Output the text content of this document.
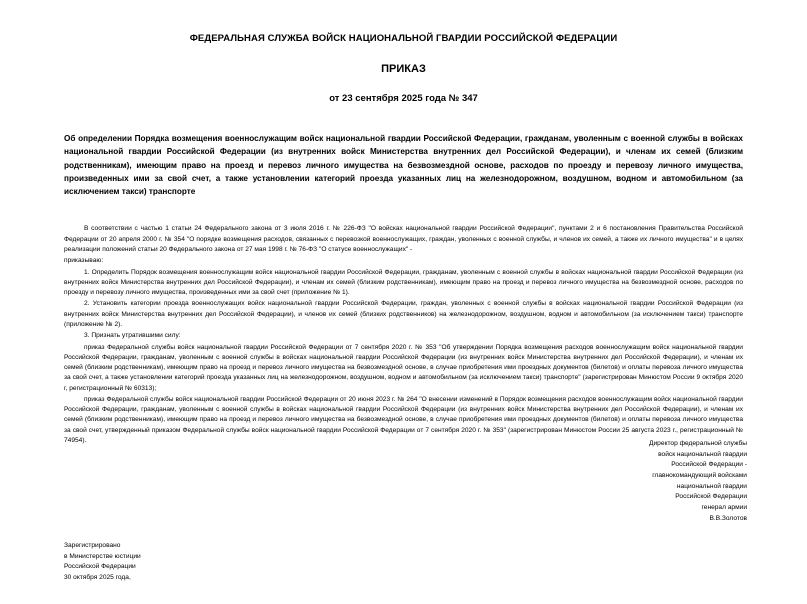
ФЕДЕРАЛЬНАЯ СЛУЖБА ВОЙСК НАЦИОНАЛЬНОЙ ГВАРДИИ РОССИЙСКОЙ ФЕДЕРАЦИИ
ПРИКАЗ
от 23 сентября 2025 года № 347
Об определении Порядка возмещения военнослужащим войск национальной гвардии Российской Федерации, гражданам, уволенным с военной службы в войсках национальной гвардии Российской Федерации (из внутренних войск Министерства внутренних дел Российской Федерации), и членам их семей (близким родственникам), имеющим право на проезд и перевоз личного имущества на безвозмездной основе, расходов по проезду и перевозу личного имущества, произведенных ими за свой счет, а также установлении категорий проезда указанных лиц на железнодорожном, воздушном, водном и автомобильном (за исключением такси) транспорте

В соответствии с частью 1 статьи 24 Федерального закона от 3 июля 2016 г. № 226-ФЗ "О войсках национальной гвардии Российской Федерации", пунктами 2 и 6 постановления Правительства Российской Федерации от 20 апреля 2000 г. № 354 "О порядке возмещения расходов, связанных с перевозкой военнослужащих, граждан, уволенных с военной службы, и членов их семей, а также их личного имущества" и в целях реализации положений статьи 20 Федерального закона от 27 мая 1998 г. № 76-ФЗ "О статусе военнослужащих" -

приказываю:

1. Определить Порядок возмещения военнослужащим войск национальной гвардии Российской Федерации, гражданам, уволенным с военной службы в войсках национальной гвардии Российской Федерации (из внутренних войск Министерства внутренних дел Российской Федерации), и членам их семей (близким родственникам), имеющим право на проезд и перевоз личного имущества на безвозмездной основе, расходов по проезду и перевозу личного имущества, произведенных ими за свой счет (приложение № 1).

2. Установить категории проезда военнослужащих войск национальной гвардии Российской Федерации, граждан, уволенных с военной службы в войсках национальной гвардии Российской Федерации (из внутренних войск Министерства внутренних дел Российской Федерации), и членов их семей (близких родственников) на железнодорожном, воздушном, водном и автомобильном (за исключением такси) транспорте (приложение № 2).

3. Признать утратившими силу:

приказ Федеральной службы войск национальной гвардии Российской Федерации от 7 сентября 2020 г. № 353 "Об утверждении Порядка возмещения расходов военнослужащим войск национальной гвардии Российской Федерации, гражданам, уволенным с военной службы в войсках национальной гвардии Российской Федерации (из внутренних войск Министерства внутренних дел Российской Федерации), и членам их семей (близким родственникам), имеющим право на проезд и перевоз личного имущества на безвозмездной основе, в случае приобретения ими проездных документов (билетов) и оплаты перевоза личного имущества за свой счет, а также установлении категорий проезда указанных лиц на железнодорожном, воздушном, водном и автомобильном (за исключением такси) транспорте" (зарегистрирован Минюстом России 9 октября 2020 г, регистрационный № 60313);

приказ Федеральной службы войск национальной гвардии Российской Федерации от 20 июня 2023 г. № 264 "О внесении изменений в Порядок возмещения расходов военнослужащим войск национальной гвардии Российской Федерации, гражданам, уволенным с военной службы в войсках национальной гвардии Российской Федерации (из внутренних войск Министерства внутренних дел Российской Федерации), и членам их семей (близким родственникам), имеющим право на проезд и перевоз личного имущества на безвозмездной основе, в случае приобретения ими проездных документов (билетов) и оплаты перевоза личного имущества за свой счет, утвержденный приказом Федеральной службы войск национальной гвардии Российской Федерации от 7 сентября 2020 г. № 353" (зарегистрирован Минюстом России 25 августа 2023 г., регистрационный № 74954).	Директор федеральной службы
войск национальной гвардии
Российской Федерации -
главнокомандующий войсками
национальной гвардии
Российской Федерации
генерал армии
В.В.Золотов
Зарегистрировано
в Министерстве юстиции
Российской Федерации
30 октября 2025 года,
